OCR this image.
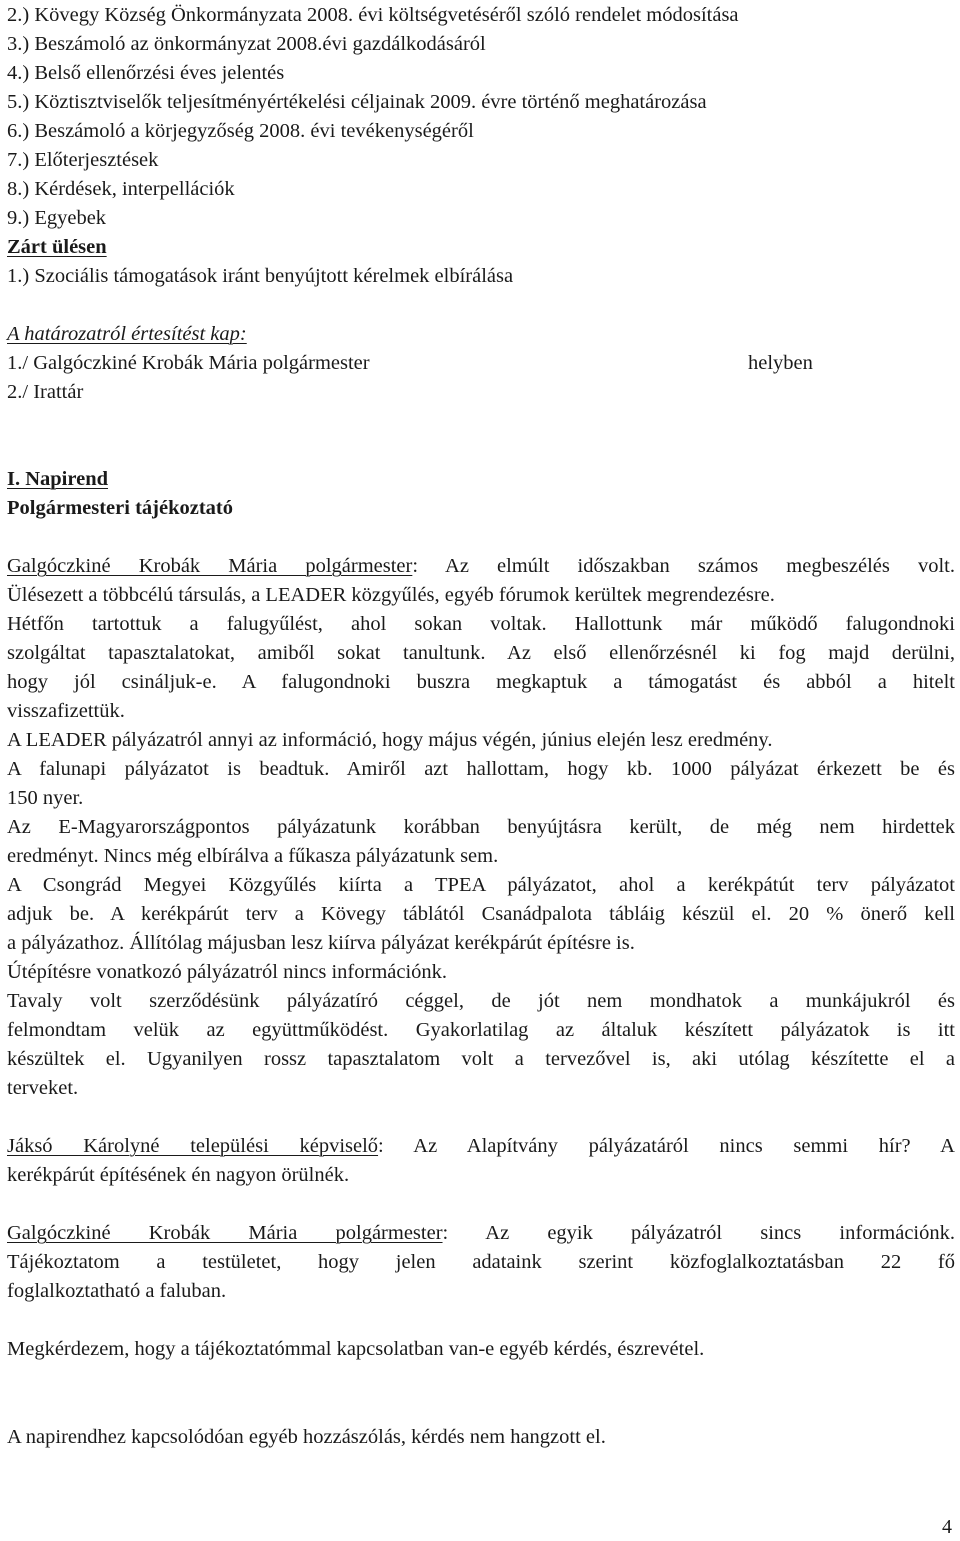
2.) Kövegy Község Önkormányzata 2008. évi költségvetéséről szóló rendelet módosítása
3.) Beszámoló az önkormányzat 2008.évi gazdálkodásáról
4.) Belső ellenőrzési éves jelentés
5.) Köztisztviselők teljesítményértékelési céljainak 2009. évre történő meghatározása
6.) Beszámoló a körjegyzőség 2008. évi tevékenységéről
7.) Előterjesztések
8.) Kérdések, interpellációk
9.) Egyebek
Zárt ülésen
1.) Szociális támogatások iránt benyújtott kérelmek elbírálása
A határozatról értesítést kap:
1./ Galgóczkiné Krobák Mária polgármester	helyben
2./ Irattár
I. Napirend
Polgármesteri tájékoztató
Galgóczkiné Krobák Mária polgármester: Az elmúlt időszakban számos megbeszélés volt.
Ülésezett a többcélú társulás, a LEADER közgyűlés, egyéb fórumok kerültek megrendezésre.
Hétfőn tartottuk a falugyűlést, ahol sokan voltak. Hallottunk már működő falugondnoki
szolgáltat tapasztalatokat, amiből sokat tanultunk. Az első ellenőrzésnél ki fog majd derülni,
hogy jól csináljuk-e. A falugondnoki buszra megkaptuk a támogatást és abból a hitelt
visszafizettük.
A LEADER pályázatról annyi az információ, hogy május végén, június elején lesz eredmény.
A falunapi pályázatot is beadtuk. Amiről azt hallottam, hogy kb. 1000 pályázat érkezett be és
150 nyer.
Az E-Magyarországpontos pályázatunk korábban benyújtásra került, de még nem hirdettek
eredményt. Nincs még elbírálva a fűkasza pályázatunk sem.
A Csongrád Megyei Közgyűlés kiírta a TPEA pályázatot, ahol a kerékpátút terv pályázatot
adjuk be. A kerékpárút terv a Kövegy táblától Csanádpalota tábláig készül el. 20 % önerő kell
a pályázathoz. Állítólag májusban lesz kiírva pályázat kerékpárút építésre is.
Útépítésre vonatkozó pályázatról nincs információnk.
Tavaly volt szerződésünk pályázatíró céggel, de jót nem mondhatok a munkájukról és
felmondtam velük az együttműködést. Gyakorlatilag az általuk készített pályázatok is itt
készültek el. Ugyanilyen rossz tapasztalatom volt a tervezővel is, aki utólag készítette el a
terveket.
Jáksó Károlyné települési képviselő: Az Alapítvány pályázatáról nincs semmi hír? A
kerékpárút építésének én nagyon örülnék.
Galgóczkiné Krobák Mária polgármester: Az egyik pályázatról sincs információnk.
Tájékoztatom a testületet, hogy jelen adataink szerint közfoglalkoztatásban 22 fő
foglalkoztatható a faluban.
Megkérdezem, hogy a tájékoztatómmal kapcsolatban van-e egyéb kérdés, észrevétel.
A napirendhez kapcsolódóan egyéb hozzászólás, kérdés nem hangzott el.
4
